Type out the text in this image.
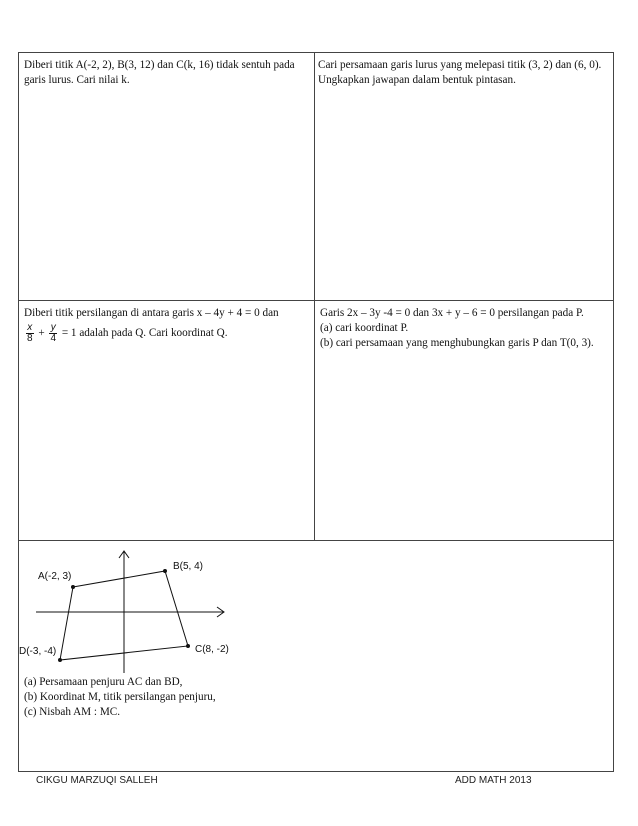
Diberi titik A(-2, 2), B(3, 12) dan C(k, 16) tidak sentuh pada garis lurus. Cari nilai k.
Cari persamaan garis lurus yang melepasi titik (3, 2) dan (6, 0). Ungkapkan jawapan dalam bentuk pintasan.
Diberi titik persilangan di antara garis x – 4y + 4 = 0 dan
$\frac{x}{8} + \frac{y}{4} = 1$ adalah pada Q. Cari koordinat Q.
Garis 2x – 3y -4 = 0 dan 3x + y – 6 = 0 persilangan pada P.
(a) cari koordinat P.
(b) cari persamaan yang menghubungkan garis P dan T(0, 3).
A(-2, 3)
B(5, 4)
C(8, -2)
D(-3, -4)
(a) Persamaan penjuru AC dan BD,
(b) Koordinat M, titik persilangan penjuru,
(c) Nisbah AM : MC.
CIKGU MARZUQI SALLEH	ADD MATH 2013
